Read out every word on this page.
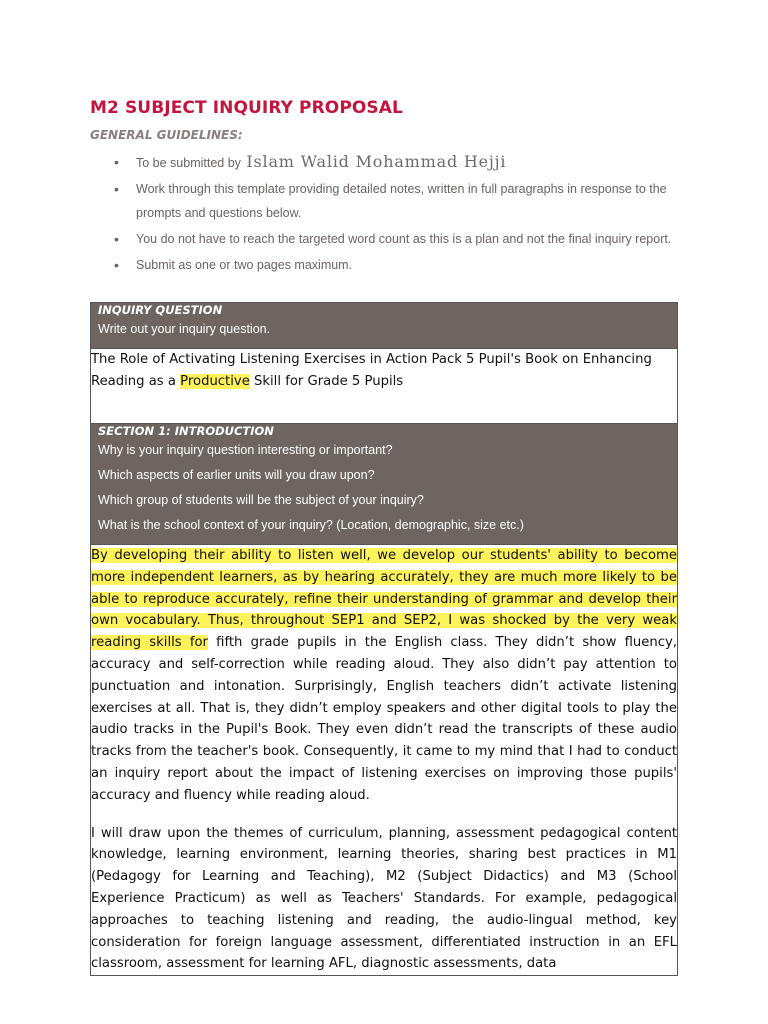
M2 SUBJECT INQUIRY PROPOSAL
GENERAL GUIDELINES:
• To be submitted by Islam Walid Mohammad Hejji
• Work through this template providing detailed notes, written in full paragraphs in response to the prompts and questions below.
• You do not have to reach the targeted word count as this is a plan and not the final inquiry report.
• Submit as one or two pages maximum.
INQUIRY QUESTION
Write out your inquiry question.

The Role of Activating Listening Exercises in Action Pack 5 Pupil's Book on Enhancing Reading as a Productive Skill for Grade 5 Pupils

SECTION 1: INTRODUCTION
Why is your inquiry question interesting or important?
Which aspects of earlier units will you draw upon?
Which group of students will be the subject of your inquiry?
What is the school context of your inquiry? (Location, demographic, size etc.)

By developing their ability to listen well, we develop our students' ability to become more independent learners, as by hearing accurately, they are much more likely to be able to reproduce accurately, refine their understanding of grammar and develop their own vocabulary. Thus, throughout SEP1 and SEP2, I was shocked by the very weak reading skills for fifth grade pupils in the English class. They didn’t show fluency, accuracy and self-correction while reading aloud. They also didn’t pay attention to punctuation and intonation. Surprisingly, English teachers didn’t activate listening exercises at all. That is, they didn’t employ speakers and other digital tools to play the audio tracks in the Pupil's Book. They even didn’t read the transcripts of these audio tracks from the teacher's book. Consequently, it came to my mind that I had to conduct an inquiry report about the impact of listening exercises on improving those pupils' accuracy and fluency while reading aloud.

I will draw upon the themes of curriculum, planning, assessment pedagogical content knowledge, learning environment, learning theories, sharing best practices in M1 (Pedagogy for Learning and Teaching), M2 (Subject Didactics) and M3 (School Experience Practicum) as well as Teachers' Standards. For example, pedagogical approaches to teaching listening and reading, the audio-lingual method, key consideration for foreign language assessment, differentiated instruction in an EFL classroom, assessment for learning AFL, diagnostic assessments, data
